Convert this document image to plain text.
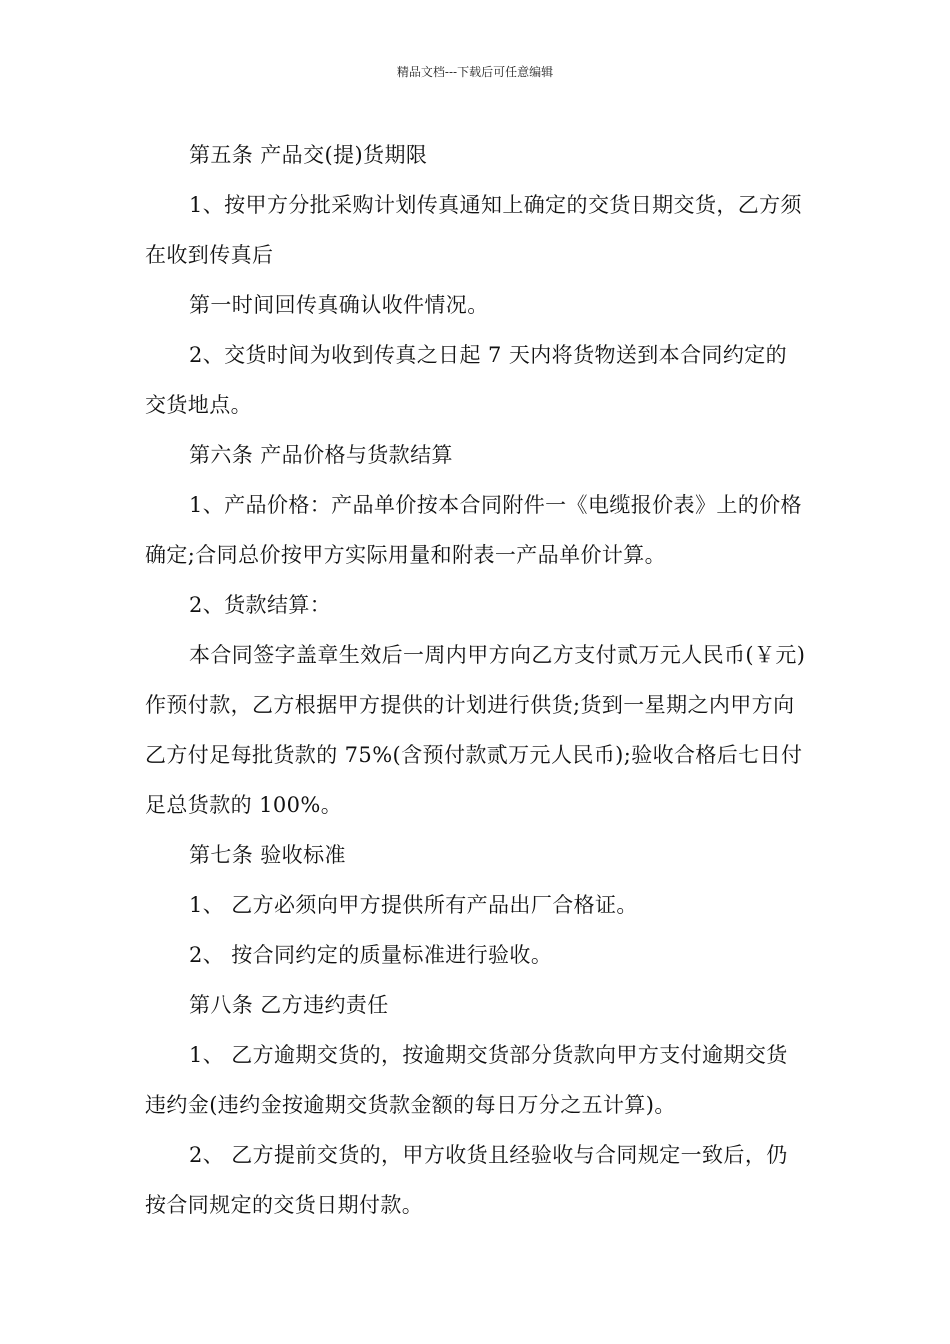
精品文档---下载后可任意编辑

第五条 产品交(提)货期限

1、按甲方分批采购计划传真通知上确定的交货日期交货，乙方须在收到传真后

第一时间回传真确认收件情况。

2、交货时间为收到传真之日起 7 天内将货物送到本合同约定的交货地点。

第六条 产品价格与货款结算

1、产品价格：产品单价按本合同附件一《电缆报价表》上的价格确定;合同总价按甲方实际用量和附表一产品单价计算。

2、货款结算：

本合同签字盖章生效后一周内甲方向乙方支付贰万元人民币(￥元)作预付款，乙方根据甲方提供的计划进行供货;货到一星期之内甲方向乙方付足每批货款的 75%(含预付款贰万元人民币);验收合格后七日付足总货款的 100%。

第七条 验收标准

1、 乙方必须向甲方提供所有产品出厂合格证。

2、 按合同约定的质量标准进行验收。

第八条 乙方违约责任

1、 乙方逾期交货的，按逾期交货部分货款向甲方支付逾期交货违约金(违约金按逾期交货款金额的每日万分之五计算)。

2、 乙方提前交货的，甲方收货且经验收与合同规定一致后，仍按合同规定的交货日期付款。
